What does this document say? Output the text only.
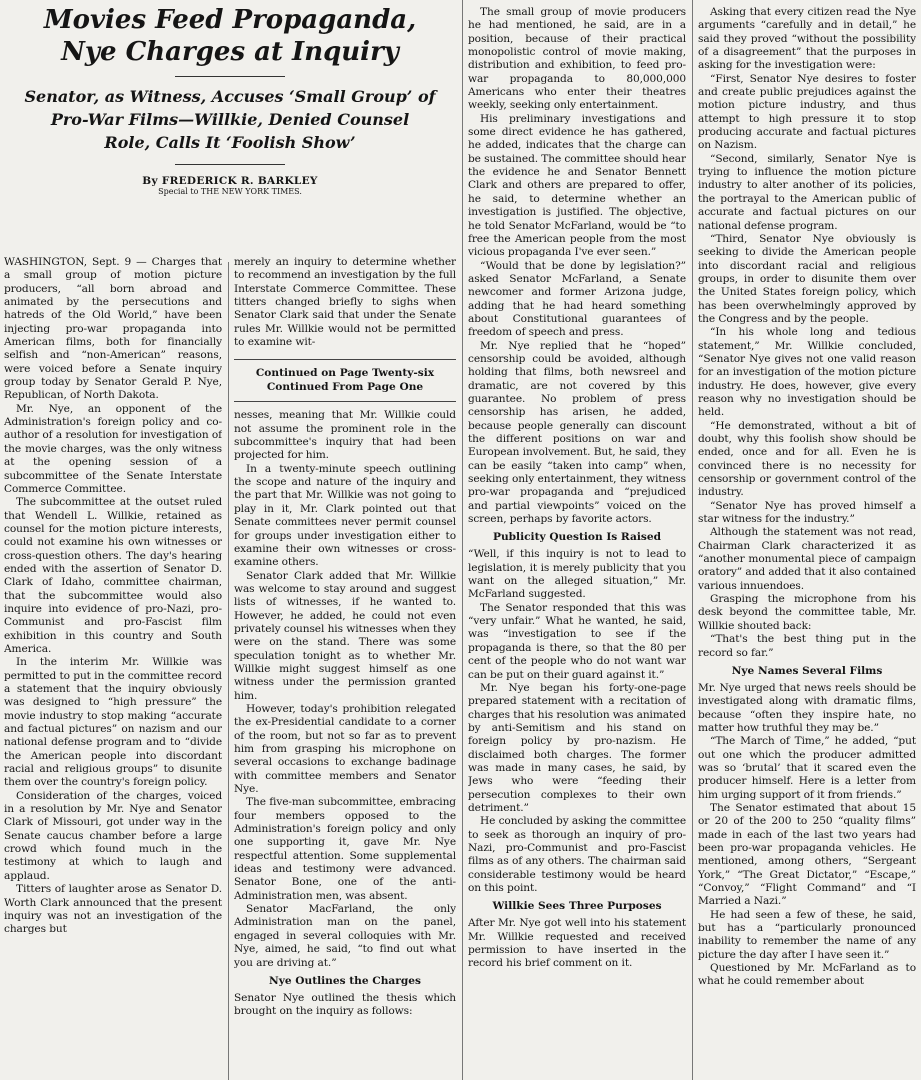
Movies Feed Propaganda,
Nye Charges at Inquiry
Senator, as Witness, Accuses ‘Small Group’ of
Pro-War Films—Willkie, Denied Counsel
Role, Calls It ‘Foolish Show’
By FREDERICK R. BARKLEY
Special to THE NEW YORK TIMES.

WASHINGTON, Sept. 9 — Charges that a small group of motion picture producers, “all born abroad and animated by the persecutions and hatreds of the Old World,” have been injecting pro-war propaganda into American films, both for financially selfish and “non-American” reasons, were voiced before a Senate inquiry group today by Senator Gerald P. Nye, Republican, of North Dakota.

Mr. Nye, an opponent of the Administration's foreign policy and co-author of a resolution for investigation of the movie charges, was the only witness at the opening session of a subcommittee of the Senate Interstate Commerce Committee.

The subcommittee at the outset ruled that Wendell L. Willkie, retained as counsel for the motion picture interests, could not examine his own witnesses or cross-question others. The day's hearing ended with the assertion of Senator D. Clark of Idaho, committee chairman, that the subcommittee would also inquire into evidence of pro-Nazi, pro-Communist and pro-Fascist film exhibition in this country and South America.

In the interim Mr. Willkie was permitted to put in the committee record a statement that the inquiry obviously was designed to “high pressure” the movie industry to stop making “accurate and factual pictures” on nazism and our national defense program and to “divide the American people into discordant racial and religious groups” to disunite them over the country's foreign policy.

Consideration of the charges, voiced in a resolution by Mr. Nye and Senator Clark of Missouri, got under way in the Senate caucus chamber before a large crowd which found much in the testimony at which to laugh and applaud.

Titters of laughter arose as Senator D. Worth Clark announced that the present inquiry was not an investigation of the charges but

merely an inquiry to determine whether to recommend an investigation by the full Interstate Commerce Committee. These titters changed briefly to sighs when Senator Clark said that under the Senate rules Mr. Willkie would not be permitted to examine wit-

Continued on Page Twenty-six
Continued From Page One

nesses, meaning that Mr. Willkie could not assume the prominent role in the subcommittee's inquiry that had been projected for him.

In a twenty-minute speech outlining the scope and nature of the inquiry and the part that Mr. Willkie was not going to play in it, Mr. Clark pointed out that Senate committees never permit counsel for groups under investigation either to examine their own witnesses or cross-examine others.

Senator Clark added that Mr. Willkie was welcome to stay around and suggest lists of witnesses, if he wanted to. However, he added, he could not even privately counsel his witnesses when they were on the stand. There was some speculation tonight as to whether Mr. Willkie might suggest himself as one witness under the permission granted him.

However, today's prohibition relegated the ex-Presidential candidate to a corner of the room, but not so far as to prevent him from grasping his microphone on several occasions to exchange badinage with committee members and Senator Nye.

The five-man subcommittee, embracing four members opposed to the Administration's foreign policy and only one supporting it, gave Mr. Nye respectful attention. Some supplemental ideas and testimony were advanced. Senator Bone, one of the anti-Administration men, was absent.

Senator MacFarland, the only Administration man on the panel, engaged in several colloquies with Mr. Nye, aimed, he said, “to find out what you are driving at.”

Nye Outlines the Charges

Senator Nye outlined the thesis which brought on the inquiry as follows:

The small group of movie producers he had mentioned, he said, are in a position, because of their practical monopolistic control of movie making, distribution and exhibition, to feed pro-war propaganda to 80,000,000 Americans who enter their theatres weekly, seeking only entertainment.

His preliminary investigations and some direct evidence he has gathered, he added, indicates that the charge can be sustained. The committee should hear the evidence he and Senator Bennett Clark and others are prepared to offer, he said, to determine whether an investigation is justified. The objective, he told Senator McFarland, would be “to free the American people from the most vicious propaganda I've ever seen.”

“Would that be done by legislation?” asked Senator McFarland, a Senate newcomer and former Arizona judge, adding that he had heard something about Constitutional guarantees of freedom of speech and press.

Mr. Nye replied that he “hoped” censorship could be avoided, although holding that films, both newsreel and dramatic, are not covered by this guarantee. No problem of press censorship has arisen, he added, because people generally can discount the different positions on war and European involvement. But, he said, they can be easily “taken into camp” when, seeking only entertainment, they witness pro-war propaganda and “prejudiced and partial viewpoints” voiced on the screen, perhaps by favorite actors.

Publicity Question Is Raised

“Well, if this inquiry is not to lead to legislation, it is merely publicity that you want on the alleged situation,” Mr. McFarland suggested.

The Senator responded that this was “very unfair.” What he wanted, he said, was “investigation to see if the propaganda is there, so that the 80 per cent of the people who do not want war can be put on their guard against it.”

Mr. Nye began his forty-one-page prepared statement with a recitation of charges that his resolution was animated by anti-Semitism and his stand on foreign policy by pro-nazism. He disclaimed both charges. The former was made in many cases, he said, by Jews who were “feeding their persecution complexes to their own detriment.”

He concluded by asking the committee to seek as thorough an inquiry of pro-Nazi, pro-Communist and pro-Fascist films as of any others. The chairman said considerable testimony would be heard on this point.

Willkie Sees Three Purposes

After Mr. Nye got well into his statement Mr. Willkie requested and received permission to have inserted in the record his brief comment on it.

Asking that every citizen read the Nye arguments “carefully and in detail,” he said they proved “without the possibility of a disagreement” that the purposes in asking for the investigation were:

“First, Senator Nye desires to foster and create public prejudices against the motion picture industry, and thus attempt to high pressure it to stop producing accurate and factual pictures on Nazism.

“Second, similarly, Senator Nye is trying to influence the motion picture industry to alter another of its policies, the portrayal to the American public of accurate and factual pictures on our national defense program.

“Third, Senator Nye obviously is seeking to divide the American people into discordant racial and religious groups, in order to disunite them over the United States foreign policy, which has been overwhelmingly approved by the Congress and by the people.

“In his whole long and tedious statement,” Mr. Willkie concluded, “Senator Nye gives not one valid reason for an investigation of the motion picture industry. He does, however, give every reason why no investigation should be held.

“He demonstrated, without a bit of doubt, why this foolish show should be ended, once and for all. Even he is convinced there is no necessity for censorship or government control of the industry.

“Senator Nye has proved himself a star witness for the industry.”

Although the statement was not read, Chairman Clark characterized it as “another monumental piece of campaign oratory” and added that it also contained various innuendoes.

Grasping the microphone from his desk beyond the committee table, Mr. Willkie shouted back:

“That's the best thing put in the record so far.”

Nye Names Several Films

Mr. Nye urged that news reels should be investigated along with dramatic films, because “often they inspire hate, no matter how truthful they may be.”

“The March of Time,” he added, “put out one which the producer admitted was so ‘brutal’ that it scared even the producer himself. Here is a letter from him urging support of it from friends.”

The Senator estimated that about 15 or 20 of the 200 to 250 “quality films” made in each of the last two years had been pro-war propaganda vehicles. He mentioned, among others, “Sergeant York,” “The Great Dictator,” “Escape,” “Convoy,” “Flight Command” and “I Married a Nazi.”

He had seen a few of these, he said, but has a “particularly pronounced inability to remember the name of any picture the day after I have seen it.”

Questioned by Mr. McFarland as to what he could remember about
